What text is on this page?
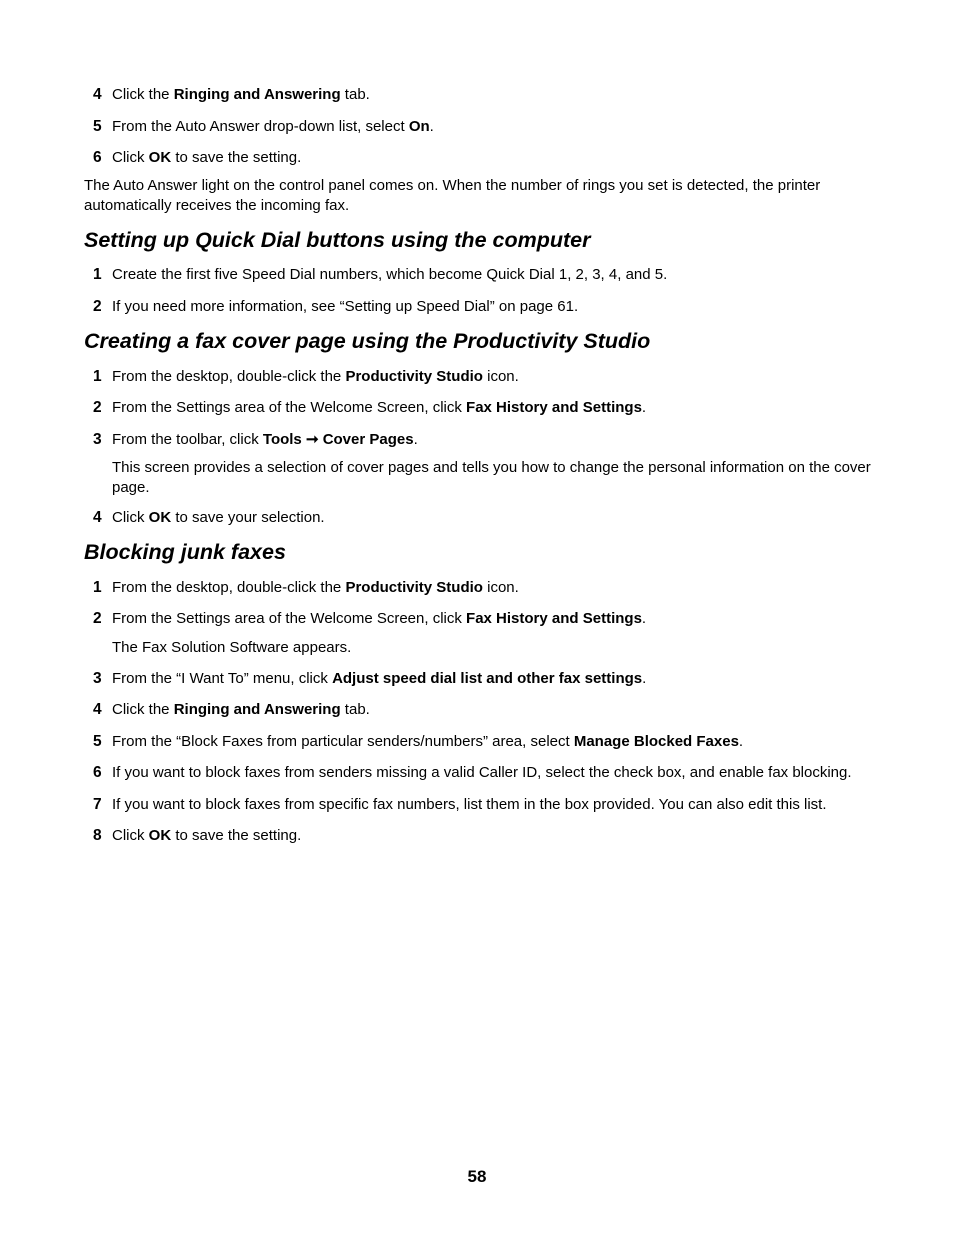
4 Click the Ringing and Answering tab.
5 From the Auto Answer drop-down list, select On.
6 Click OK to save the setting.
The Auto Answer light on the control panel comes on. When the number of rings you set is detected, the printer automatically receives the incoming fax.
Setting up Quick Dial buttons using the computer
1 Create the first five Speed Dial numbers, which become Quick Dial 1, 2, 3, 4, and 5.
2 If you need more information, see “Setting up Speed Dial” on page 61.
Creating a fax cover page using the Productivity Studio
1 From the desktop, double-click the Productivity Studio icon.
2 From the Settings area of the Welcome Screen, click Fax History and Settings.
3 From the toolbar, click Tools ➞ Cover Pages.
This screen provides a selection of cover pages and tells you how to change the personal information on the cover page.
4 Click OK to save your selection.
Blocking junk faxes
1 From the desktop, double-click the Productivity Studio icon.
2 From the Settings area of the Welcome Screen, click Fax History and Settings.
The Fax Solution Software appears.
3 From the “I Want To” menu, click Adjust speed dial list and other fax settings.
4 Click the Ringing and Answering tab.
5 From the “Block Faxes from particular senders/numbers” area, select Manage Blocked Faxes.
6 If you want to block faxes from senders missing a valid Caller ID, select the check box, and enable fax blocking.
7 If you want to block faxes from specific fax numbers, list them in the box provided. You can also edit this list.
8 Click OK to save the setting.
58
